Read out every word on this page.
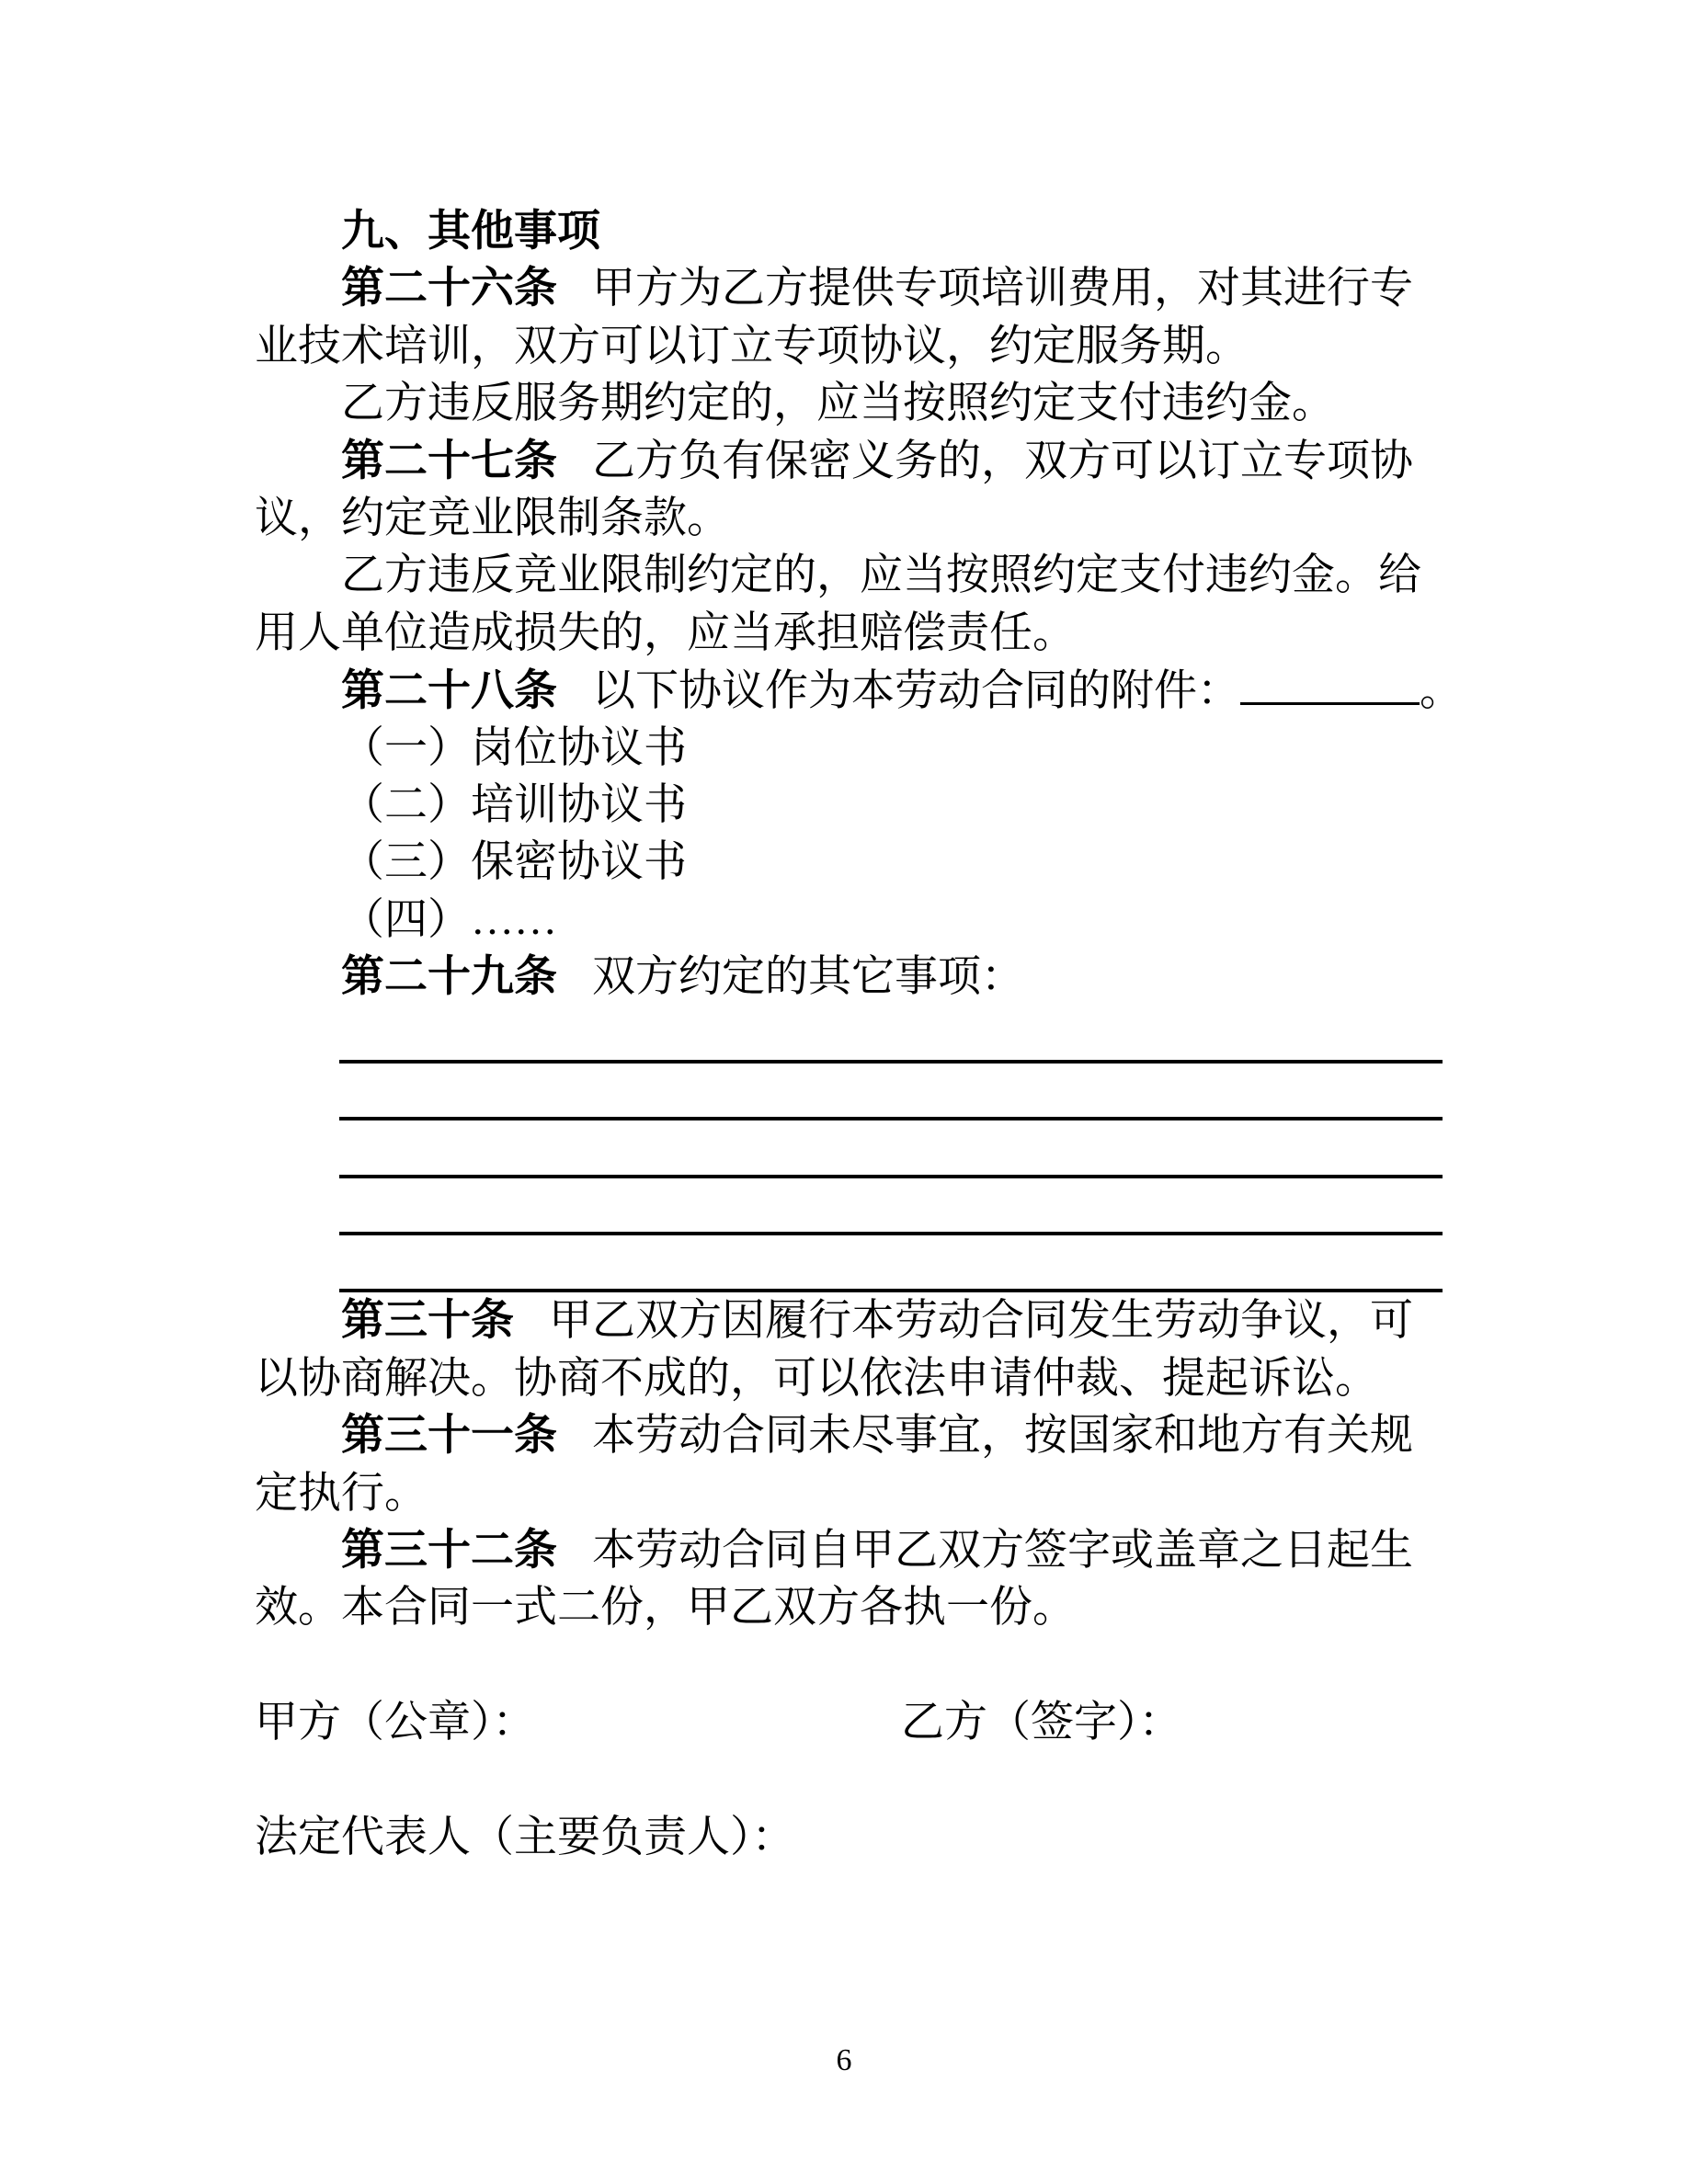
九、其他事项
第二十六条 甲方为乙方提供专项培训费用，对其进行专
业技术培训，双方可以订立专项协议，约定服务期。
乙方违反服务期约定的，应当按照约定支付违约金。
第二十七条 乙方负有保密义务的，双方可以订立专项协
议，约定竞业限制条款。
乙方违反竞业限制约定的，应当按照约定支付违约金。给
用人单位造成损失的，应当承担赔偿责任。
第二十八条 以下协议作为本劳动合同的附件：	。
（一）岗位协议书
（二）培训协议书
（三）保密协议书
（四）……
第二十九条 双方约定的其它事项：
第三十条 甲乙双方因履行本劳动合同发生劳动争议，可
以协商解决。协商不成的，可以依法申请仲裁、提起诉讼。
第三十一条 本劳动合同未尽事宜，按国家和地方有关规
定执行。
第三十二条 本劳动合同自甲乙双方签字或盖章之日起生
效。本合同一式二份，甲乙双方各执一份。
甲方（公章）：	乙方（签字）：
法定代表人（主要负责人）：
6
